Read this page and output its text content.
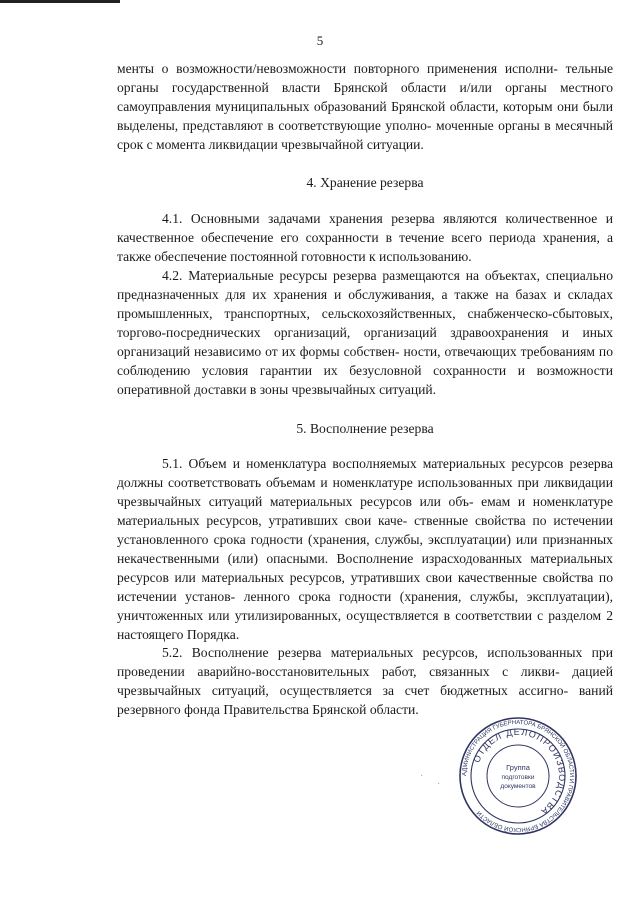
5

менты о возможности/невозможности повторного применения исполни- тельные органы государственной власти Брянской области и/или органы местного самоуправления муниципальных образований Брянской области, которым они были выделены, представляют в соответствующие уполно- моченные органы в месячный срок с момента ликвидации чрезвычайной ситуации.

4. Хранение резерва

4.1. Основными задачами хранения резерва являются количественное и качественное обеспечение его сохранности в течение всего периода хранения, а также обеспечение постоянной готовности к использованию.

4.2. Материальные ресурсы резерва размещаются на объектах, специально предназначенных для их хранения и обслуживания, а также на базах и складах промышленных, транспортных, сельскохозяйственных, снабженческо-сбытовых, торгово-посреднических организаций, организаций здравоохранения и иных организаций независимо от их формы собствен- ности, отвечающих требованиям по соблюдению условия гарантии их безусловной сохранности и возможности оперативной доставки в зоны чрезвычайных ситуаций.

5. Восполнение резерва

5.1. Объем и номенклатура восполняемых материальных ресурсов резерва должны соответствовать объемам и номенклатуре использованных при ликвидации чрезвычайных ситуаций материальных ресурсов или объ- емам и номенклатуре материальных ресурсов, утративших свои каче- ственные свойства по истечении установленного срока годности (хранения, службы, эксплуатации) или признанных некачественными (или) опасными. Восполнение израсходованных материальных ресурсов или материальных ресурсов, утративших свои качественные свойства по истечении установ- ленного срока годности (хранения, службы, эксплуатации), уничтоженных или утилизированных, осуществляется в соответствии с разделом 2 настоящего Порядка.

5.2. Восполнение резерва материальных ресурсов, использованных при проведении аварийно-восстановительных работ, связанных с ликви- дацией чрезвычайных ситуаций, осуществляется за счет бюджетных ассигно- ваний резервного фонда Правительства Брянской области.

·
·
АДМИНИСТРАЦИЯ ГУБЕРНАТОРА БРЯНСКОЙ ОБЛАСТИ И ПРАВИТЕЛЬСТВА БРЯНСКОЙ ОБЛАСТИ
ОТДЕЛ ДЕЛОПРОИЗВОДСТВА
Группа
подготовки
документов
